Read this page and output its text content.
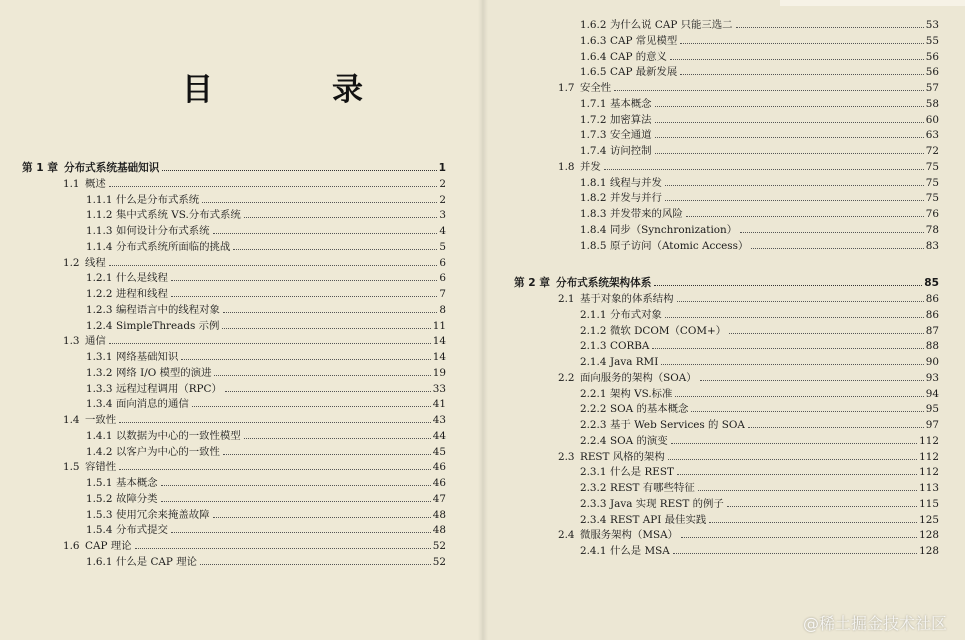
目　录
第 1 章 分布式系统基础知识	1
1.1 概述	2
1.1.1 什么是分布式系统	2
1.1.2 集中式系统 VS.分布式系统	3
1.1.3 如何设计分布式系统	4
1.1.4 分布式系统所面临的挑战	5
1.2 线程	6
1.2.1 什么是线程	6
1.2.2 进程和线程	7
1.2.3 编程语言中的线程对象	8
1.2.4 SimpleThreads 示例	11
1.3 通信	14
1.3.1 网络基础知识	14
1.3.2 网络 I/O 模型的演进	19
1.3.3 远程过程调用（RPC）	33
1.3.4 面向消息的通信	41
1.4 一致性	43
1.4.1 以数据为中心的一致性模型	44
1.4.2 以客户为中心的一致性	45
1.5 容错性	46
1.5.1 基本概念	46
1.5.2 故障分类	47
1.5.3 使用冗余来掩盖故障	48
1.5.4 分布式提交	48
1.6 CAP 理论	52
1.6.1 什么是 CAP 理论	52
1.6.2 为什么说 CAP 只能三选二	53
1.6.3 CAP 常见模型	55
1.6.4 CAP 的意义	56
1.6.5 CAP 最新发展	56
1.7 安全性	57
1.7.1 基本概念	58
1.7.2 加密算法	60
1.7.3 安全通道	63
1.7.4 访问控制	72
1.8 并发	75
1.8.1 线程与并发	75
1.8.2 并发与并行	75
1.8.3 并发带来的风险	76
1.8.4 同步（Synchronization）	78
1.8.5 原子访问（Atomic Access）	83
第 2 章 分布式系统架构体系	85
2.1 基于对象的体系结构	86
2.1.1 分布式对象	86
2.1.2 微软 DCOM（COM+）	87
2.1.3 CORBA	88
2.1.4 Java RMI	90
2.2 面向服务的架构（SOA）	93
2.2.1 架构 VS.标准	94
2.2.2 SOA 的基本概念	95
2.2.3 基于 Web Services 的 SOA	97
2.2.4 SOA 的演变	112
2.3 REST 风格的架构	112
2.3.1 什么是 REST	112
2.3.2 REST 有哪些特征	113
2.3.3 Java 实现 REST 的例子	115
2.3.4 REST API 最佳实践	125
2.4 微服务架构（MSA）	128
2.4.1 什么是 MSA	128
@稀土掘金技术社区
